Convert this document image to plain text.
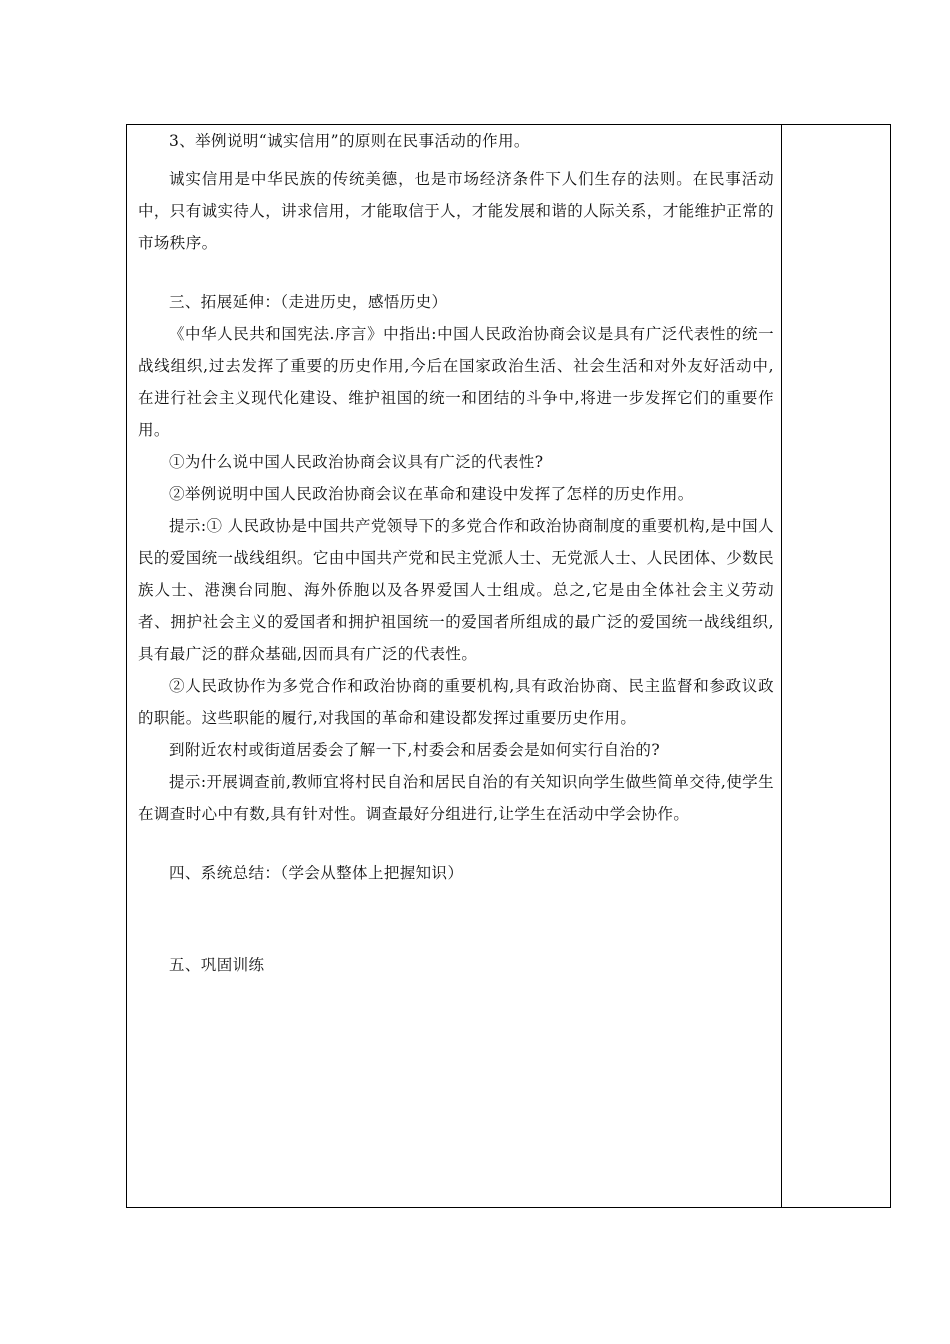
3、举例说明“诚实信用”的原则在民事活动的作用。

诚实信用是中华民族的传统美德，也是市场经济条件下人们生存的法则。在民事活动中，只有诚实待人，讲求信用，才能取信于人，才能发展和谐的人际关系，才能维护正常的市场秩序。

三、拓展延伸：（走进历史，感悟历史）

《中华人民共和国宪法.序言》中指出:中国人民政治协商会议是具有广泛代表性的统一战线组织,过去发挥了重要的历史作用,今后在国家政治生活、社会生活和对外友好活动中,在进行社会主义现代化建设、维护祖国的统一和团结的斗争中,将进一步发挥它们的重要作用。

①为什么说中国人民政治协商会议具有广泛的代表性?

②举例说明中国人民政治协商会议在革命和建设中发挥了怎样的历史作用。

提示:① 人民政协是中国共产党领导下的多党合作和政治协商制度的重要机构,是中国人民的爱国统一战线组织。它由中国共产党和民主党派人士、无党派人士、人民团体、少数民族人士、港澳台同胞、海外侨胞以及各界爱国人士组成。总之,它是由全体社会主义劳动者、拥护社会主义的爱国者和拥护祖国统一的爱国者所组成的最广泛的爱国统一战线组织,具有最广泛的群众基础,因而具有广泛的代表性。

②人民政协作为多党合作和政治协商的重要机构,具有政治协商、民主监督和参政议政的职能。这些职能的履行,对我国的革命和建设都发挥过重要历史作用。

到附近农村或街道居委会了解一下,村委会和居委会是如何实行自治的?

提示:开展调查前,教师宜将村民自治和居民自治的有关知识向学生做些简单交待,使学生在调查时心中有数,具有针对性。调查最好分组进行,让学生在活动中学会协作。

四、系统总结：（学会从整体上把握知识）

五、巩固训练
